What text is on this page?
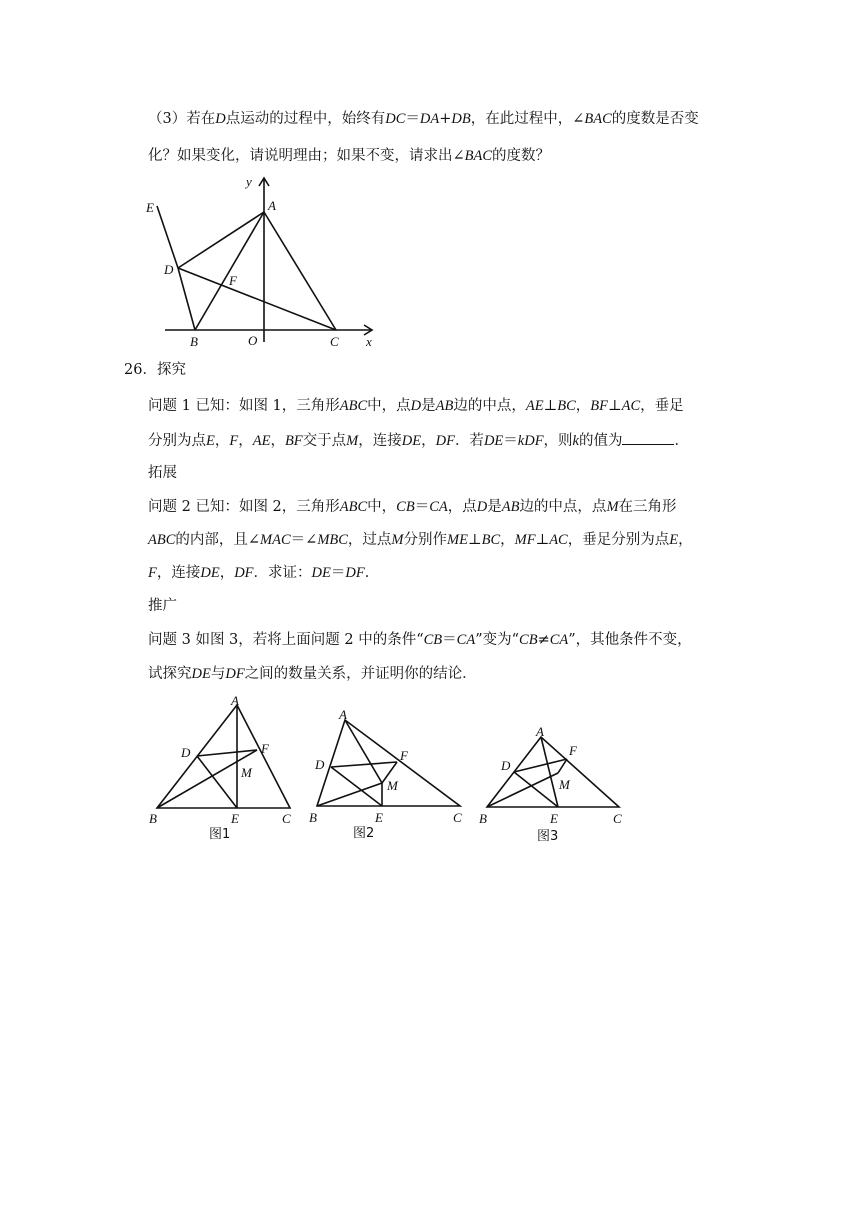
（3）若在D点运动的过程中，始终有DC＝DA+DB，在此过程中，∠BAC的度数是否变
化？如果变化，请说明理由；如果不变，请求出∠BAC的度数？
E	A
D
F
B	O	C x
y
26．探究
问题 1 已知：如图 1，三角形ABC中，点D是AB边的中点，AE⊥BC，BF⊥AC，垂足
分别为点E，F，AE，BF交于点M，连接DE，DF．若DE＝kDF，则k的值为	．
拓展
问题 2 已知：如图 2，三角形ABC中，CB＝CA，点D是AB边的中点，点M在三角形
ABC的内部，且∠MAC＝∠MBC，过点M分别作ME⊥BC，MF⊥AC，垂足分别为点E，
F，连接DE，DF．求证：DE＝DF．
推广
问题 3 如图 3，若将上面问题 2 中的条件“CB＝CA”变为“CB≠CA”，其他条件不变，
试探究DE与DF之间的数量关系，并证明你的结论．
A
D	F
M
B	E	C
图1
A
D
F
M
B	E	C
图2
A
D
F
M
B	E	C
图3
